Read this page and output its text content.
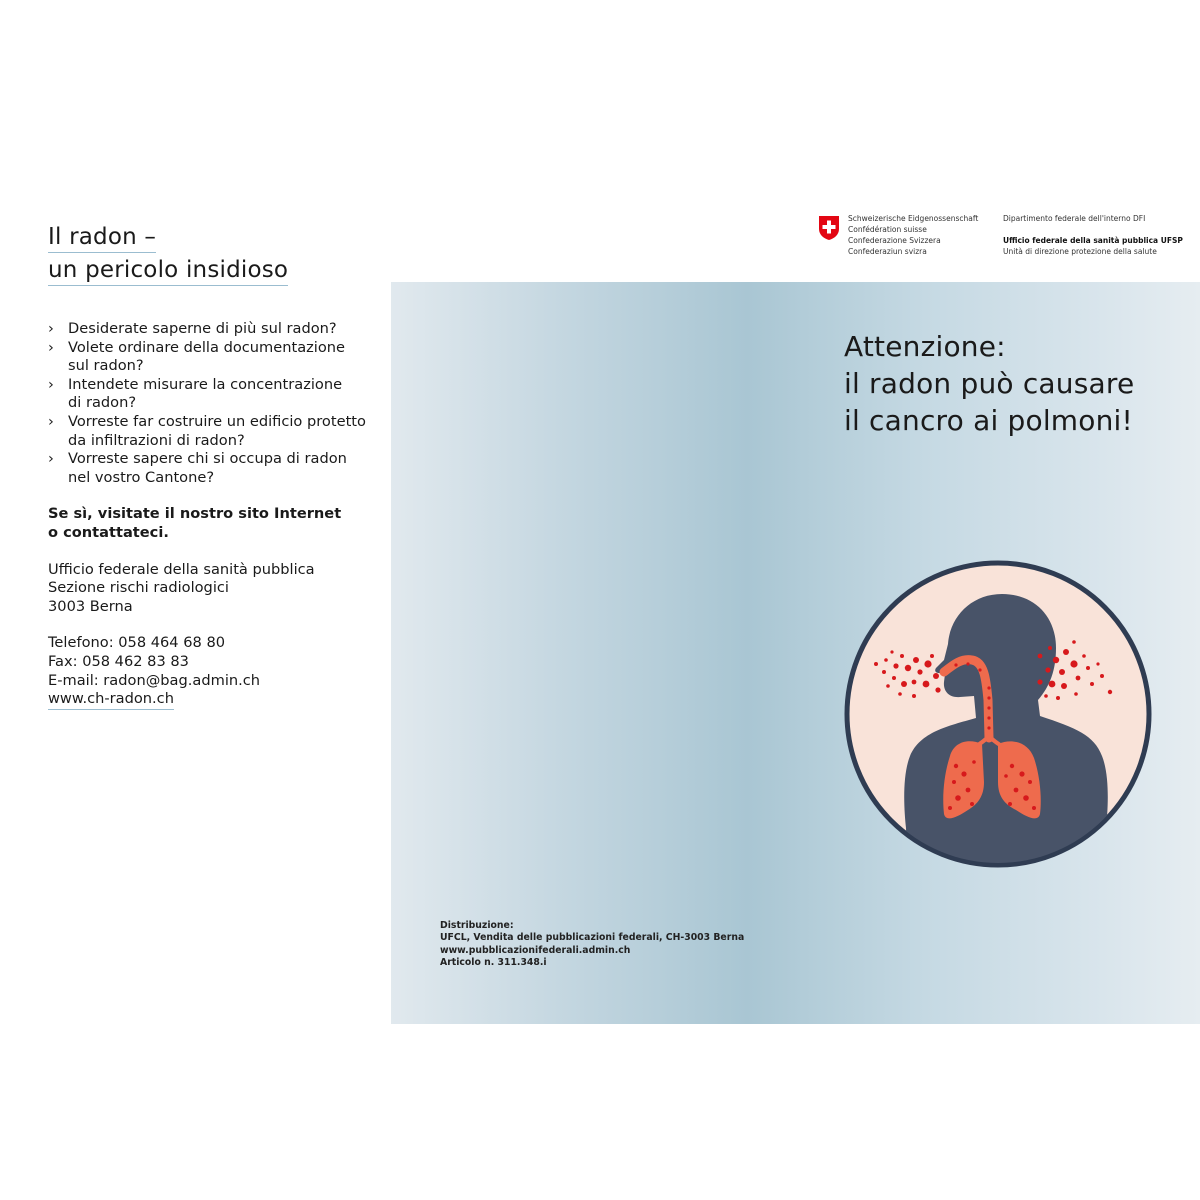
Il radon –
un pericolo insidioso
› Desiderate saperne di più sul radon?
› Volete ordinare della documentazione
sul radon?
› Intendete misurare la concentrazione
di radon?
› Vorreste far costruire un edificio protetto
da infiltrazioni di radon?
› Vorreste sapere chi si occupa di radon
nel vostro Cantone?
Se sì, visitate il nostro sito Internet
o contattateci.
Ufficio federale della sanità pubblica
Sezione rischi radiologici
3003 Berna
Telefono: 058 464 68 80
Fax: 058 462 83 83
E-mail: radon@bag.admin.ch
www.ch-radon.ch
Schweizerische Eidgenossenschaft
Confédération suisse
Confederazione Svizzera
Confederaziun svizra
Dipartimento federale dell'interno DFI
Ufficio federale della sanità pubblica UFSP
Unità di direzione protezione della salute
Attenzione:
il radon può causare
il cancro ai polmoni!
Distribuzione:
UFCL, Vendita delle pubblicazioni federali, CH-3003 Berna
www.pubblicazionifederali.admin.ch
Articolo n. 311.348.i
